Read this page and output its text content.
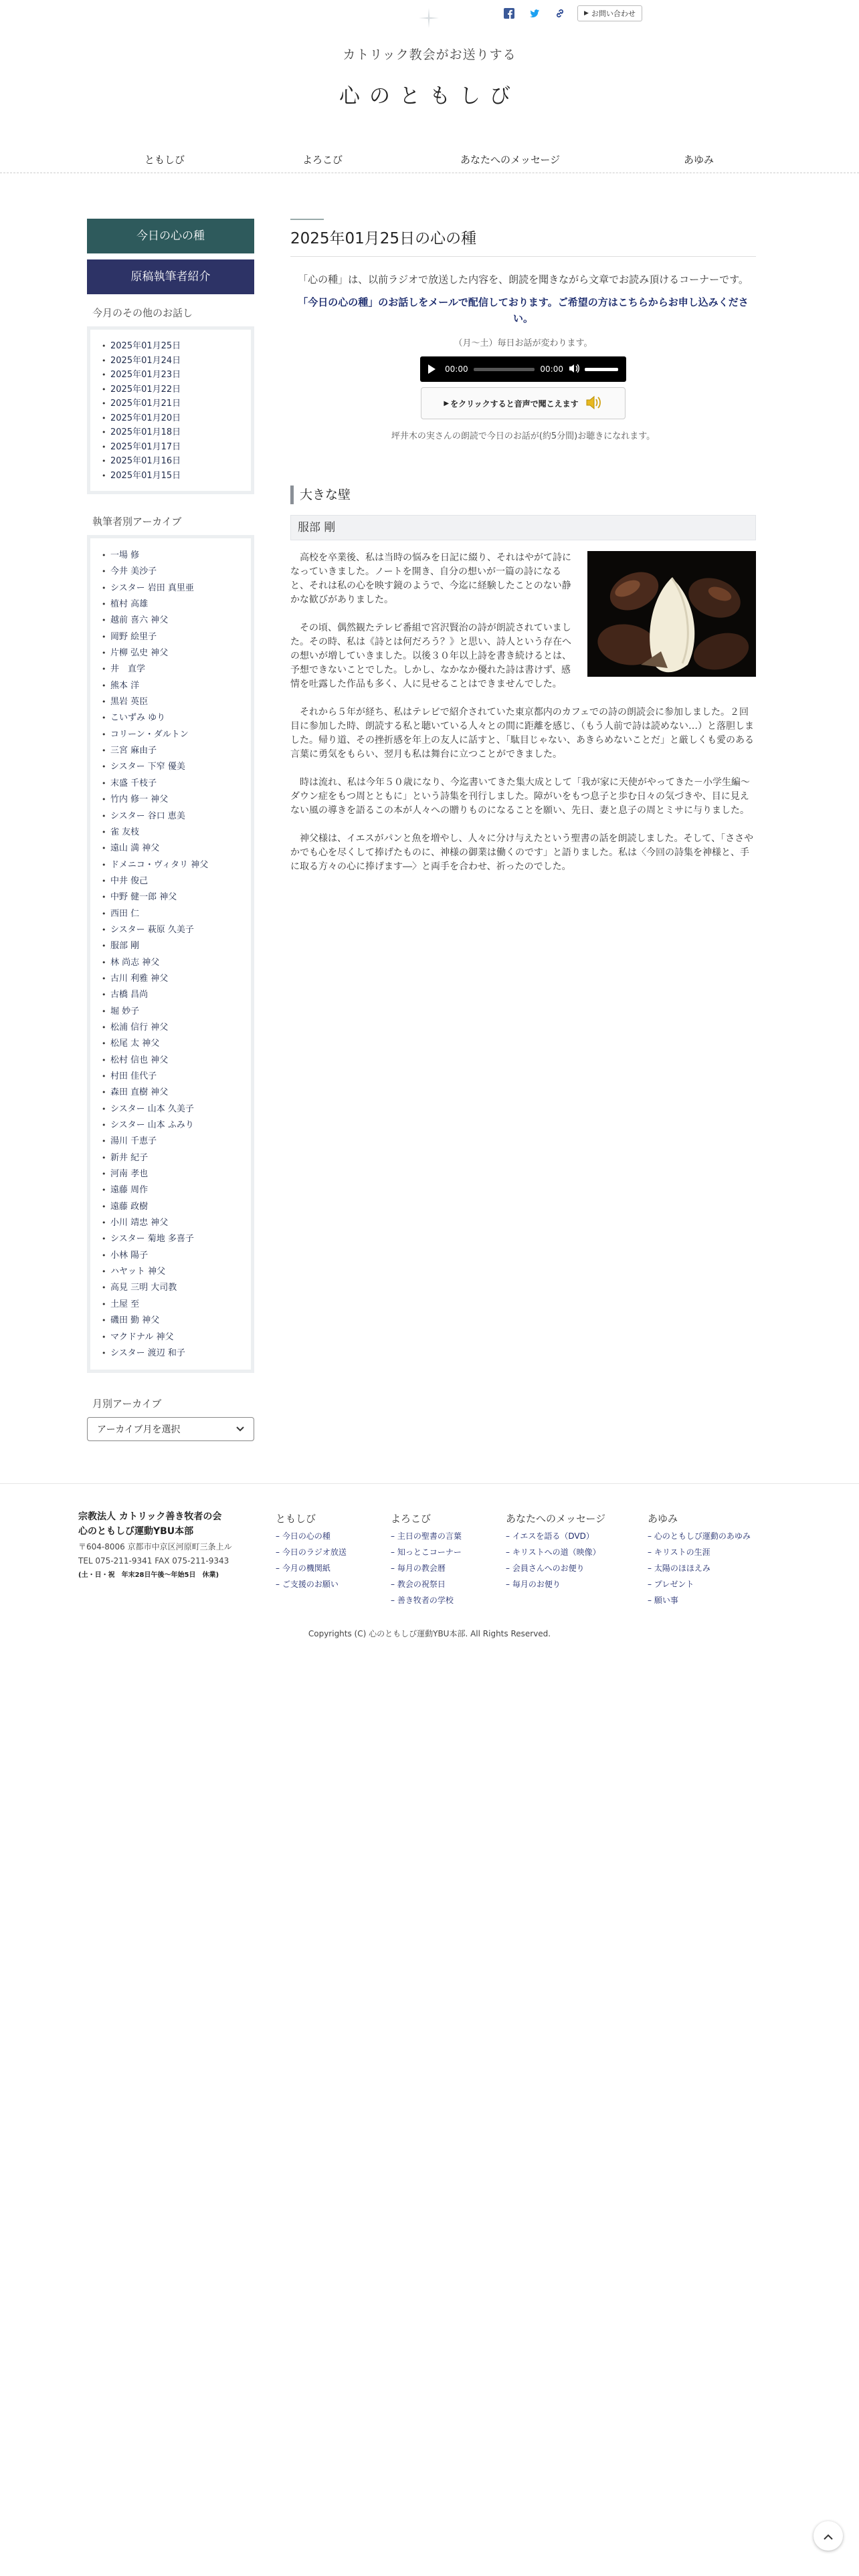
▶ お問い合わせ
カトリック教会がお送りする
心のともしび
ともしび	よろこび	あなたへのメッセージ	あゆみ
今日の心の種
原稿執筆者紹介
今月のその他のお話し
• 2025年01月25日
• 2025年01月24日
• 2025年01月23日
• 2025年01月22日
• 2025年01月21日
• 2025年01月20日
• 2025年01月18日
• 2025年01月17日
• 2025年01月16日
• 2025年01月15日
執筆者別アーカイブ
• 一場 修
• 今井 美沙子
• シスター 岩田 真里亜
• 植村 高雄
• 越前 喜六 神父
• 岡野 絵里子
• 片柳 弘史 神父
• 井　直学
• 熊本 洋
• 黒岩 英臣
• こいずみ ゆり
• コリーン・ダルトン
• 三宮 麻由子
• シスター 下窄 優美
• 末盛 千枝子
• 竹内 修一 神父
• シスター 谷口 恵美
• 雀 友枝
• 遠山 満 神父
• ドメニコ・ヴィタリ 神父
• 中井 俊己
• 中野 健一郎 神父
• 西田 仁
• シスター 萩原 久美子
• 服部 剛
• 林 尚志 神父
• 古川 利雅 神父
• 古橋 昌尚
• 堀 妙子
• 松浦 信行 神父
• 松尾 太 神父
• 松村 信也 神父
• 村田 佳代子
• 森田 直樹 神父
• シスター 山本 久美子
• シスター 山本 ふみり
• 湯川 千恵子
• 新井 紀子
• 河南 孝也
• 遠藤 周作
• 遠藤 政樹
• 小川 靖忠 神父
• シスター 菊地 多喜子
• 小林 陽子
• ハヤット 神父
• 高見 三明 大司教
• 土屋 至
• 磯田 勤 神父
• マクドナル 神父
• シスター 渡辺 和子
月別アーカイブ
アーカイブ月を選択
2025年01月25日の心の種
「心の種」は、以前ラジオで放送した内容を、朗読を聞きながら文章でお読み頂けるコーナーです。
「今日の心の種」のお話しをメールで配信しております。ご希望の方はこちらからお申し込みください。
（月〜土）毎日お話が変わります。
00:00	00:00
▶ をクリックすると音声で聞こえます
坪井木の実さんの朗読で今日のお話が(約5分間)お聴きになれます。
大きな壁
服部 剛

高校を卒業後、私は当時の悩みを日記に綴り、それはやがて詩になっていきました。ノートを開き、自分の想いが一篇の詩になると、それは私の心を映す鏡のようで、今迄に経験したことのない静かな歓びがありました。

その頃、偶然観たテレビ番組で宮沢賢治の詩が朗読されていました。その時、私は《詩とは何だろう？》と思い、詩人という存在への想いが増していきました。以後３０年以上詩を書き続けるとは、予想できないことでした。しかし、なかなか優れた詩は書けず、感情を吐露した作品も多く、人に見せることはできませんでした。

それから５年が経ち、私はテレビで紹介されていた東京都内のカフェでの詩の朗読会に参加しました。２回目に参加した時、朗読する私と聴いている人々との間に距離を感じ、（もう人前で詩は読めない…）と落胆しました。帰り道、その挫折感を年上の友人に話すと、「駄目じゃない、あきらめないことだ」と厳しくも愛のある言葉に勇気をもらい、翌月も私は舞台に立つことができました。

時は流れ、私は今年５０歳になり、今迄書いてきた集大成として「我が家に天使がやってきた－小学生編～ダウン症をもつ周とともに」という詩集を刊行しました。障がいをもつ息子と歩む日々の気づきや、目に見えない風の導きを語るこの本が人々への贈りものになることを願い、先日、妻と息子の周とミサに与りました。

神父様は、イエスがパンと魚を増やし、人々に分け与えたという聖書の話を朗読しました。そして、「ささやかでも心を尽くして捧げたものに、神様の御業は働くのです」と語りました。私は〈今回の詩集を神様と、手に取る方々の心に捧げます―〉と両手を合わせ、祈ったのでした。

宗教法人 カトリック善き牧者の会
心のともしび運動YBU本部
〒604-8006 京都市中京区河原町三条上ル
TEL 075-211-9341 FAX 075-211-9343
(土・日・祝　年末28日午後〜年始5日　休業)
ともしび
– 今日の心の種
– 今日のラジオ放送
– 今月の機関紙
– ご支援のお願い
よろこび
– 主日の聖書の言葉
– 知っとこコーナー
– 毎月の教会暦
– 教会の祝祭日
– 善き牧者の学校
あなたへのメッセージ
– イエスを語る（DVD）
– キリストへの道（映像）
– 会員さんへのお便り
– 毎月のお便り
あゆみ
– 心のともしび運動のあゆみ
– キリストの生涯
– 太陽のほほえみ
– プレゼント
– 願い事
Copyrights (C) 心のともしび運動YBU本部. All Rights Reserved.
